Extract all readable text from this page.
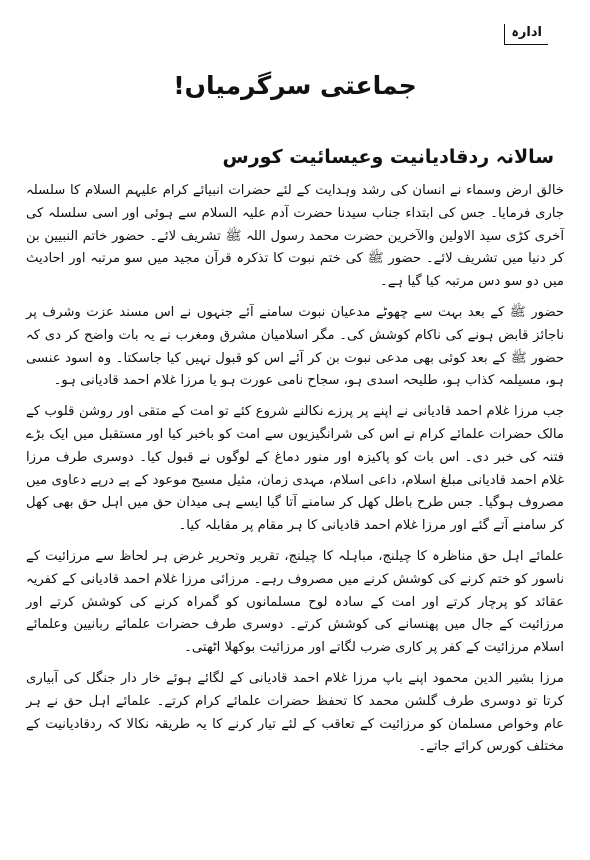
ادارہ
جماعتی سرگرمیاں!
سالانہ ردقادیانیت وعیسائیت کورس

خالق ارض وسماء نے انسان کی رشد وہدایت کے لئے حضرات انبیائے کرام علیہم السلام کا سلسلہ جاری فرمایا۔ جس کی ابتداء جناب سیدنا حضرت آدم علیہ السلام سے ہوئی اور اسی سلسلہ کی آخری کڑی سید الاولین والآخرین حضرت محمد رسول اللہ ﷺ تشریف لائے۔ حضور خاتم النبیین بن کر دنیا میں تشریف لائے۔ حضور ﷺ کی ختم نبوت کا تذکرہ قرآن مجید میں سو مرتبہ اور احادیث میں دو سو دس مرتبہ کیا گیا ہے۔

حضور ﷺ کے بعد بہت سے چھوٹے مدعیان نبوت سامنے آئے جنہوں نے اس مسند عزت وشرف پر ناجائز قابض ہونے کی ناکام کوشش کی۔ مگر اسلامیان مشرق ومغرب نے یہ بات واضح کر دی کہ حضور ﷺ کے بعد کوئی بھی مدعی نبوت بن کر آئے اس کو قبول نہیں کیا جاسکتا۔ وہ اسود عنسی ہو، مسیلمہ کذاب ہو، طلیحہ اسدی ہو، سجاح نامی عورت ہو یا مرزا غلام احمد قادیانی ہو۔

جب مرزا غلام احمد قادیانی نے اپنے پر پرزے نکالنے شروع کئے تو امت کے متقی اور روشن قلوب کے مالک حضرات علمائے کرام نے اس کی شرانگیزیوں سے امت کو باخبر کیا اور مستقبل میں ایک بڑے فتنہ کی خبر دی۔ اس بات کو پاکیزہ اور منور دماغ کے لوگوں نے قبول کیا۔ دوسری طرف مرزا غلام احمد قادیانی مبلغ اسلام، داعی اسلام، مہدی زمان، مثیل مسیح موعود کے پے درپے دعاوی میں مصروف ہوگیا۔ جس طرح باطل کھل کر سامنے آتا گیا ایسے ہی میدان حق میں اہل حق بھی کھل کر سامنے آتے گئے اور مرزا غلام احمد قادیانی کا ہر مقام پر مقابلہ کیا۔

علمائے اہل حق مناظرہ کا چیلنج، مباہلہ کا چیلنج، تقریر وتحریر غرض ہر لحاظ سے مرزائیت کے ناسور کو ختم کرنے کی کوشش کرنے میں مصروف رہے۔ مرزائی مرزا غلام احمد قادیانی کے کفریہ عقائد کو پرچار کرتے اور امت کے سادہ لوح مسلمانوں کو گمراہ کرنے کی کوشش کرتے اور مرزائیت کے جال میں پھنسانے کی کوشش کرتے۔ دوسری طرف حضرات علمائے ربانیین وعلمائے اسلام مرزائیت کے کفر پر کاری ضرب لگاتے اور مرزائیت بوکھلا اٹھتی۔

مرزا بشیر الدین محمود اپنے باپ مرزا غلام احمد قادیانی کے لگائے ہوئے خار دار جنگل کی آبیاری کرتا تو دوسری طرف گلشن محمد کا تحفظ حضرات علمائے کرام کرتے۔ علمائے اہل حق نے ہر عام وخواص مسلمان کو مرزائیت کے تعاقب کے لئے تیار کرنے کا یہ طریقہ نکالا کہ ردقادیانیت کے مختلف کورس کرائے جاتے۔
